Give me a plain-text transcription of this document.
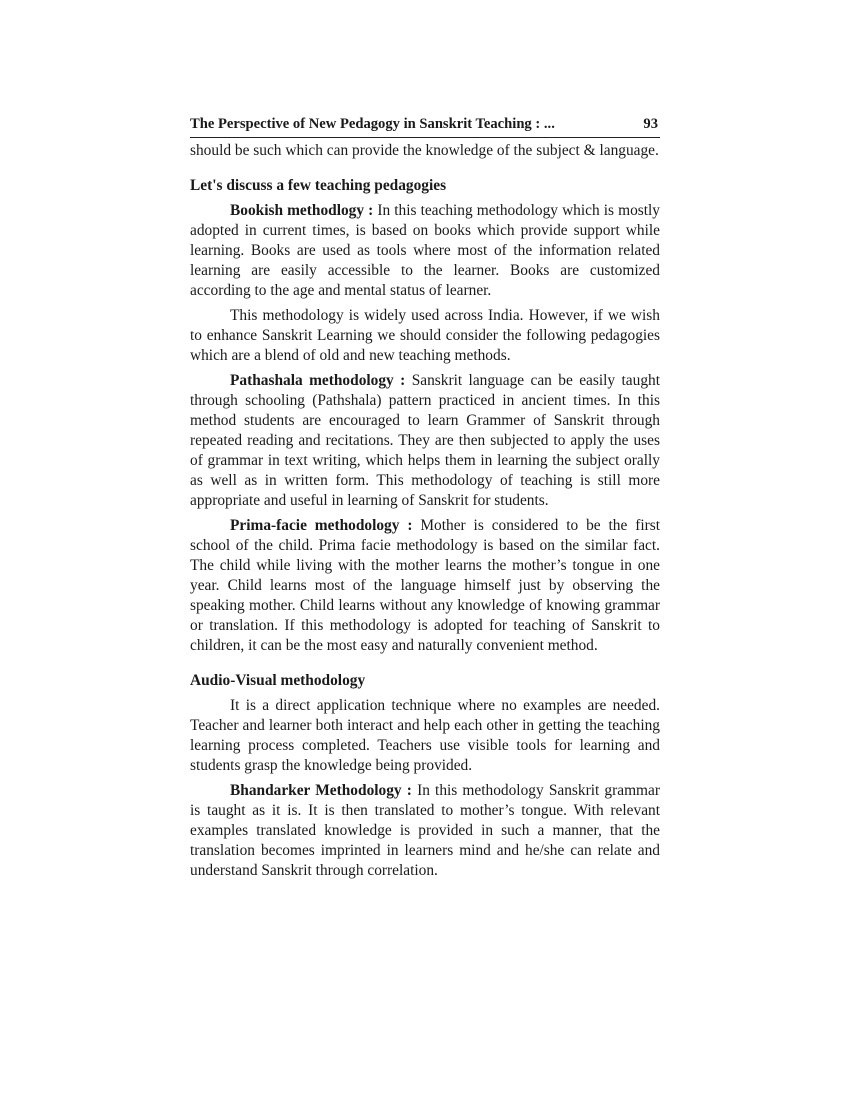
The Perspective of New Pedagogy in Sanskrit Teaching : ...	93

should be such which can provide the knowledge of the subject & language.

Let's discuss a few teaching pedagogies

Bookish methodlogy : In this teaching methodology which is mostly adopted in current times, is based on books which provide support while learning. Books are used as tools where most of the information related learning are easily accessible to the learner. Books are customized according to the age and mental status of learner.

This methodology is widely used across India. However, if we wish to enhance Sanskrit Learning we should consider the following pedagogies which are a blend of old and new teaching methods.

Pathashala methodology : Sanskrit language can be easily taught through schooling (Pathshala) pattern practiced in ancient times. In this method students are encouraged to learn Grammer of Sanskrit through repeated reading and recitations. They are then subjected to apply the uses of grammar in text writing, which helps them in learning the subject orally as well as in written form. This methodology of teaching is still more appropriate and useful in learning of Sanskrit for students.

Prima-facie methodology : Mother is considered to be the first school of the child. Prima facie methodology is based on the similar fact. The child while living with the mother learns the mother’s tongue in one year. Child learns most of the language himself just by observing the speaking mother. Child learns without any knowledge of knowing grammar or translation. If this methodology is adopted for teaching of Sanskrit to children, it can be the most easy and naturally convenient method.

Audio-Visual methodology

It is a direct application technique where no examples are needed. Teacher and learner both interact and help each other in getting the teaching learning process completed. Teachers use visible tools for learning and students grasp the knowledge being provided.

Bhandarker Methodology : In this methodology Sanskrit grammar is taught as it is. It is then translated to mother’s tongue. With relevant examples translated knowledge is provided in such a manner, that the translation becomes imprinted in learners mind and he/she can relate and understand Sanskrit through correlation.
